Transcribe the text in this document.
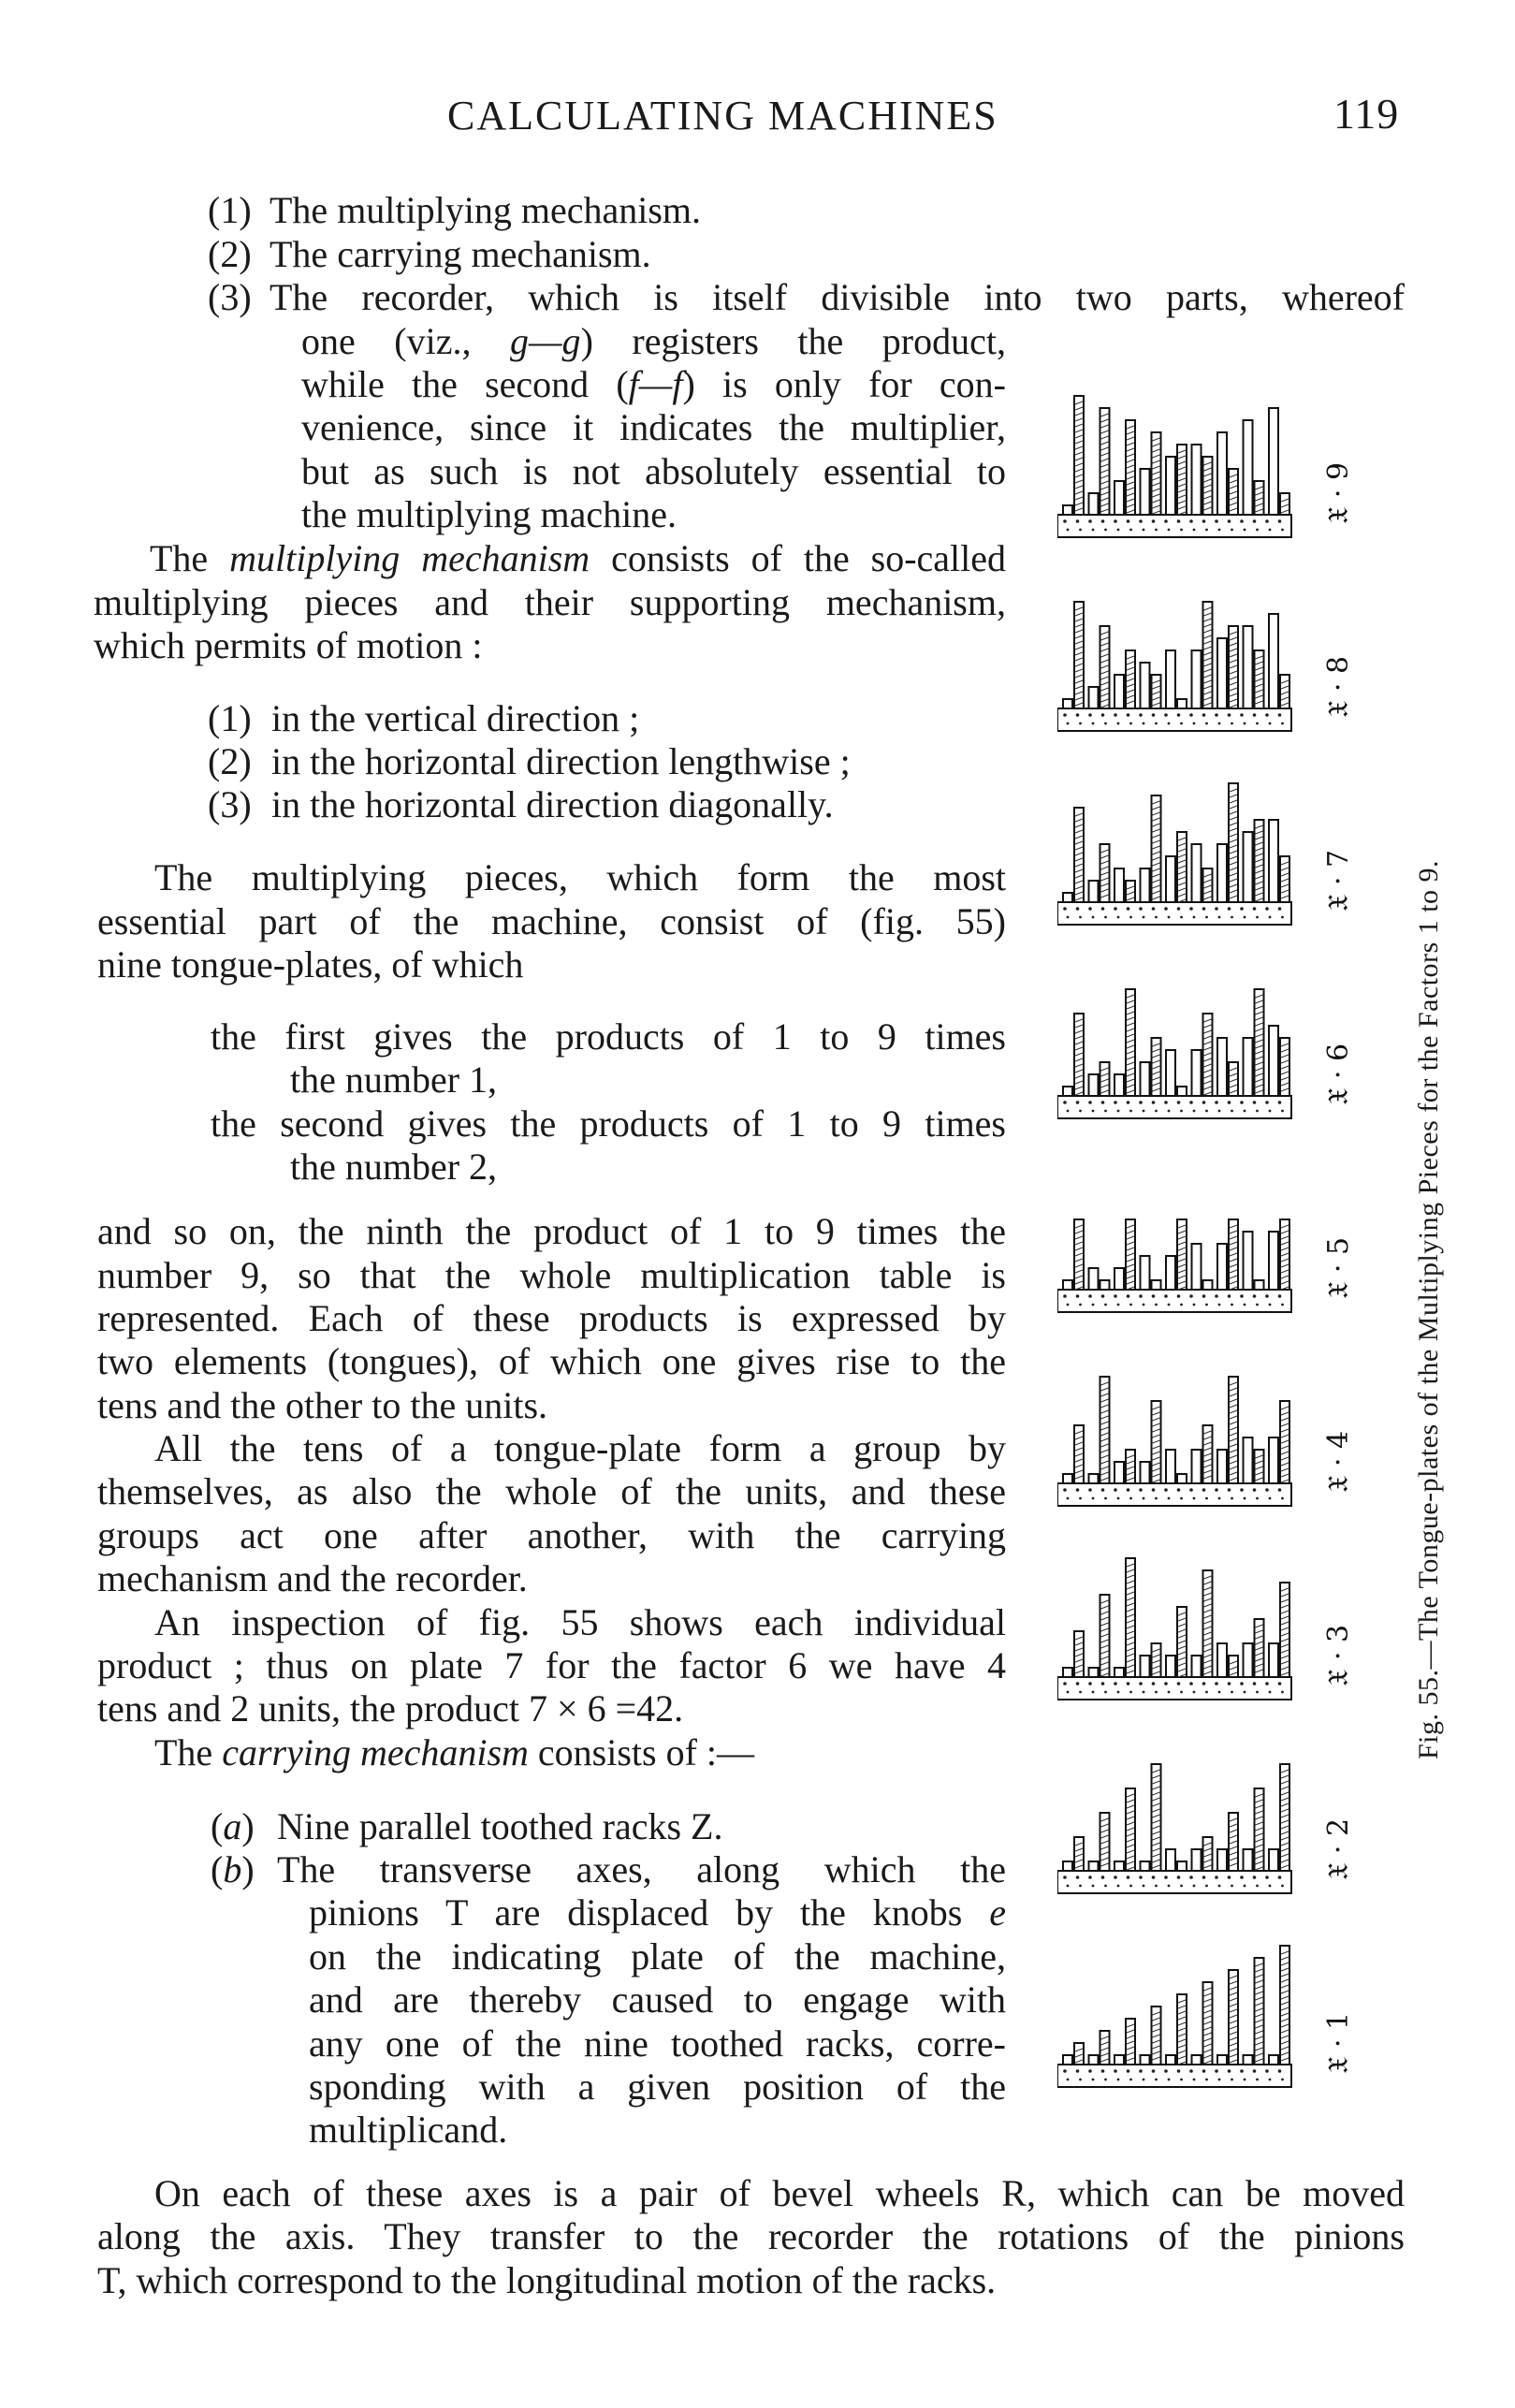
CALCULATING MACHINES	119
(1) The multiplying mechanism.
(2) The carrying mechanism.
(3) The recorder, which is itself divisible into two parts, whereof
one (viz., g—g) registers the product,
while the second (f—f) is only for con-
venience, since it indicates the multiplier,
but as such is not absolutely essential to
the multiplying machine.
The multiplying mechanism consists of the so-called
multiplying pieces and their supporting mechanism,
which permits of motion :
(1) in the vertical direction ;
(2) in the horizontal direction lengthwise ;
(3) in the horizontal direction diagonally.
The multiplying pieces, which form the most
essential part of the machine, consist of (fig. 55)
nine tongue-plates, of which
the first gives the products of 1 to 9 times
the number 1,
the second gives the products of 1 to 9 times
the number 2,
and so on, the ninth the product of 1 to 9 times the
number 9, so that the whole multiplication table is
represented. Each of these products is expressed by
two elements (tongues), of which one gives rise to the
tens and the other to the units.
All the tens of a tongue-plate form a group by
themselves, as also the whole of the units, and these
groups act one after another, with the carrying
mechanism and the recorder.
An inspection of fig. 55 shows each individual
product ; thus on plate 7 for the factor 6 we have 4
tens and 2 units, the product 7 × 6 =42.
The carrying mechanism consists of :—
(a) Nine parallel toothed racks Z.
(b) The transverse axes, along which the
pinions T are displaced by the knobs e
on the indicating plate of the machine,
and are thereby caused to engage with
any one of the nine toothed racks, corre-
sponding with a given position of the
multiplicand.
On each of these axes is a pair of bevel wheels R, which can be moved
along the axis. They transfer to the recorder the rotations of the pinions
T, which correspond to the longitudinal motion of the racks.
𝔛 · 9
𝔛 · 8
𝔛 · 7
𝔛 · 6
𝔛 · 5
𝔛 · 4
𝔛 · 3
𝔛 · 2
𝔛 · 1
Fig. 55.—The Tongue-plates of the Multiplying Pieces for the Factors 1 to 9.
